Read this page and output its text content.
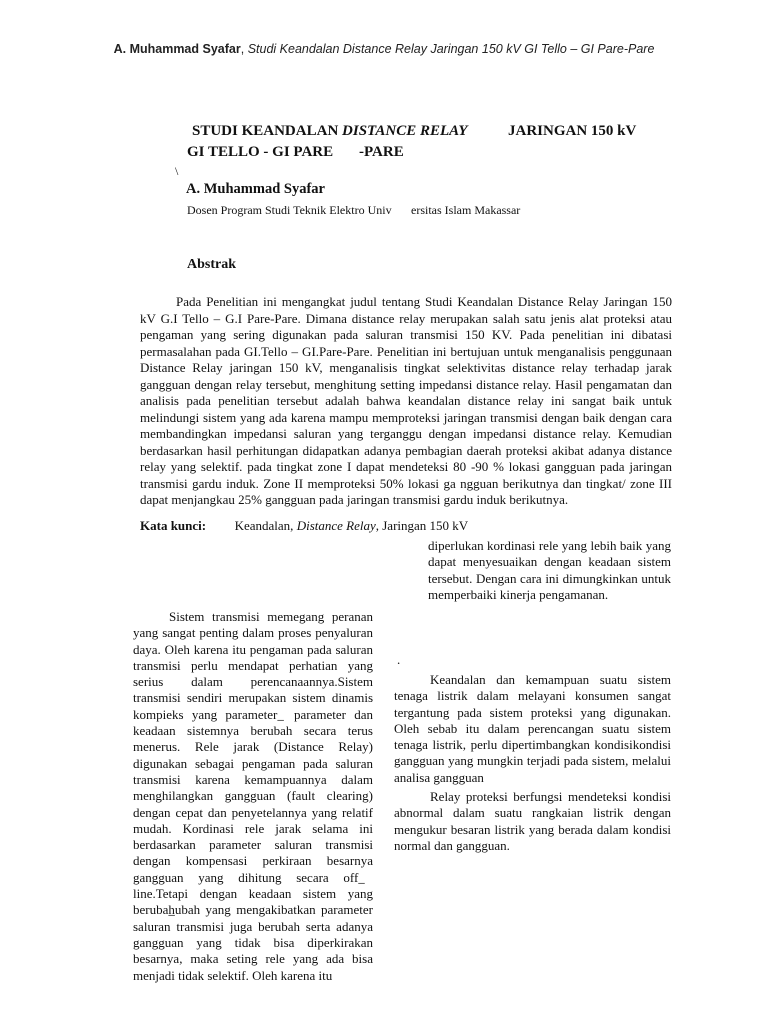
A. Muhammad Syafar, Studi Keandalan Distance Relay Jaringan 150 kV GI Tello – GI Pare-Pare
STUDI KEANDALAN DISTANCE RELAY	JARINGAN 150 kV
GI TELLO - GI PARE -PARE
\
A. Muhammad Syafar
Dosen Program Studi Teknik Elektro Univ ersitas Islam Makassar
Abstrak

Pada Penelitian ini mengangkat judul tentang Studi Keandalan Distance Relay Jaringan 150 kV G.I Tello – G.I Pare-Pare. Dimana distance relay merupakan salah satu jenis alat proteksi atau pengaman yang sering digunakan pada saluran transmisi 150 KV. Pada penelitian ini dibatasi permasalahan pada GI.Tello – GI.Pare-Pare. Penelitian ini bertujuan untuk menganalisis penggunaan Distance Relay jaringan 150 kV, menganalisis tingkat selektivitas distance relay terhadap jarak gangguan dengan relay tersebut, menghitung setting impedansi distance relay. Hasil pengamatan dan analisis pada penelitian tersebut adalah bahwa keandalan distance relay ini sangat baik untuk melindungi sistem yang ada karena mampu memproteksi jaringan transmisi dengan baik dengan cara membandingkan impedansi saluran yang terganggu dengan impedansi distance relay. Kemudian berdasarkan hasil perhitungan didapatkan adanya pembagian daerah proteksi akibat adanya distance relay yang selektif. pada tingkat zone I dapat mendeteksi 80 -90 % lokasi gangguan pada jaringan transmisi gardu induk. Zone II memproteksi 50% lokasi ga ngguan berikutnya dan tingkat/ zone III dapat menjangkau 25% gangguan pada jaringan transmisi gardu induk berikutnya.

Kata kunci: Keandalan, Distance Relay, Jaringan 150 kV

Sistem transmisi memegang peranan yang sangat penting dalam proses penyaluran daya. Oleh karena itu pengaman pada saluran transmisi perlu mendapat perhatian yang serius dalam perencanaannya.Sistem transmisi sendiri merupakan sistem dinamis kompieks yang parameter ̲ parameter dan keadaan sistemnya berubah secara terus menerus. Rele jarak (Distance Relay) digunakan sebagai pengaman pada saluran transmisi karena kemampuannya dalam menghilangkan gangguan (fault clearing) dengan cepat dan penyetelannya yang relatif mudah. Kordinasi rele jarak selama ini berdasarkan parameter saluran transmisi dengan kompensasi perkiraan besarnya gangguan yang dihitung secara off ̲ line.Tetapi dengan keadaan sistem yang berubah̲ubah yang mengakibatkan parameter saluran transmisi juga berubah serta adanya gangguan yang tidak bisa diperkirakan besarnya, maka seting rele yang ada bisa menjadi tidak selektif. Oleh karena itu

diperlukan kordinasi rele yang lebih baik yang dapat menyesuaikan dengan keadaan sistem tersebut. Dengan cara ini dimungkinkan untuk memperbaiki kinerja pengamanan.

.

Keandalan dan kemampuan suatu sistem tenaga listrik dalam melayani konsumen sangat tergantung pada sistem proteksi yang digunakan. Oleh sebab itu dalam perencangan suatu sistem tenaga listrik, perlu dipertimbangkan kondisikondisi gangguan yang mungkin terjadi pada sistem, melalui analisa gangguan

Relay proteksi berfungsi mendeteksi kondisi abnormal dalam suatu rangkaian listrik dengan mengukur besaran listrik yang berada dalam kondisi normal dan gangguan.
